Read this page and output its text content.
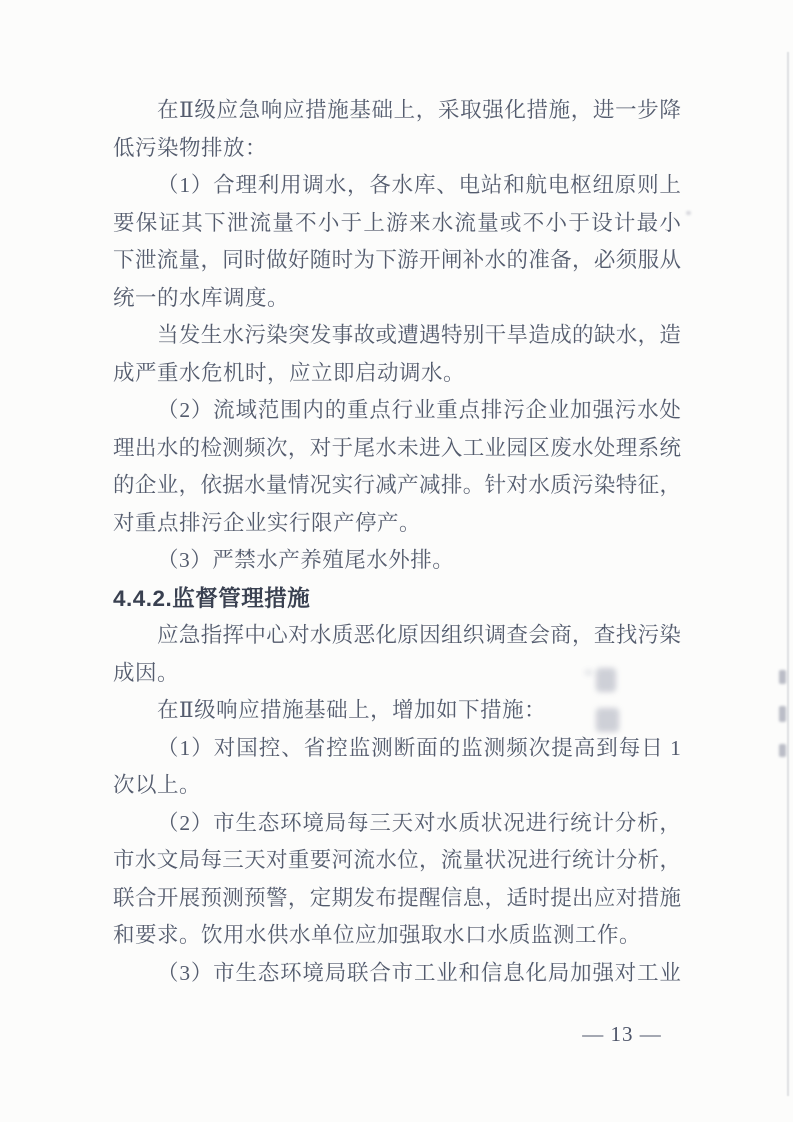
在 Ⅱ 级 应 急 响 应 措 施 基 础 上 ， 采 取 强 化 措 施 ， 进 一 步 降
低污染物排放：
（ 1 ） 合 理 利 用 调 水 ， 各 水 库 、 电 站 和 航 电 枢 纽 原 则 上
要 保 证 其 下 泄 流 量 不 小 于 上 游 来 水 流 量 或 不 小 于 设 计 最 小
下 泄 流 量 ， 同 时 做 好 随 时 为 下 游 开 闸 补 水 的 准 备 ， 必 须 服 从
统一的水库调度。
当 发 生 水 污 染 突 发 事 故 或 遭 遇 特 别 干 旱 造 成 的 缺 水 ， 造
成严重水危机时，应立即启动调水。
（ 2 ） 流 域 范 围 内 的 重 点 行 业 重 点 排 污 企 业 加 强 污 水 处
理 出 水 的 检 测 频 次 ， 对 于 尾 水 未 进 入 工 业 园 区 废 水 处 理 系 统
的 企 业 ， 依 据 水 量 情 况 实 行 减 产 减 排 。 针 对 水 质 污 染 特 征 ，
对重点排污企业实行限产停产。
（3）严禁水产养殖尾水外排。
4.4.2.监督管理措施
应 急 指 挥 中 心 对 水 质 恶 化 原 因 组 织 调 查 会 商 ， 查 找 污 染
成因。
在Ⅱ级响应措施基础上，增加如下措施：
（ 1 ） 对 国 控 、 省 控 监 测 断 面 的 监 测 频 次 提 高 到 每 日
1
次以上。
（ 2 ） 市 生 态 环 境 局 每 三 天 对 水 质 状 况 进 行 统 计 分 析 ，
市 水 文 局 每 三 天 对 重 要 河 流 水 位 ， 流 量 状 况 进 行 统 计 分 析 ，
联 合 开 展 预 测 预 警 ， 定 期 发 布 提 醒 信 息 ， 适 时 提 出 应 对 措 施
和要求。饮用水供水单位应加强取水口水质监测工作。
（ 3 ） 市 生 态 环 境 局 联 合 市 工 业 和 信 息 化 局 加 强 对 工 业
— 13 —
